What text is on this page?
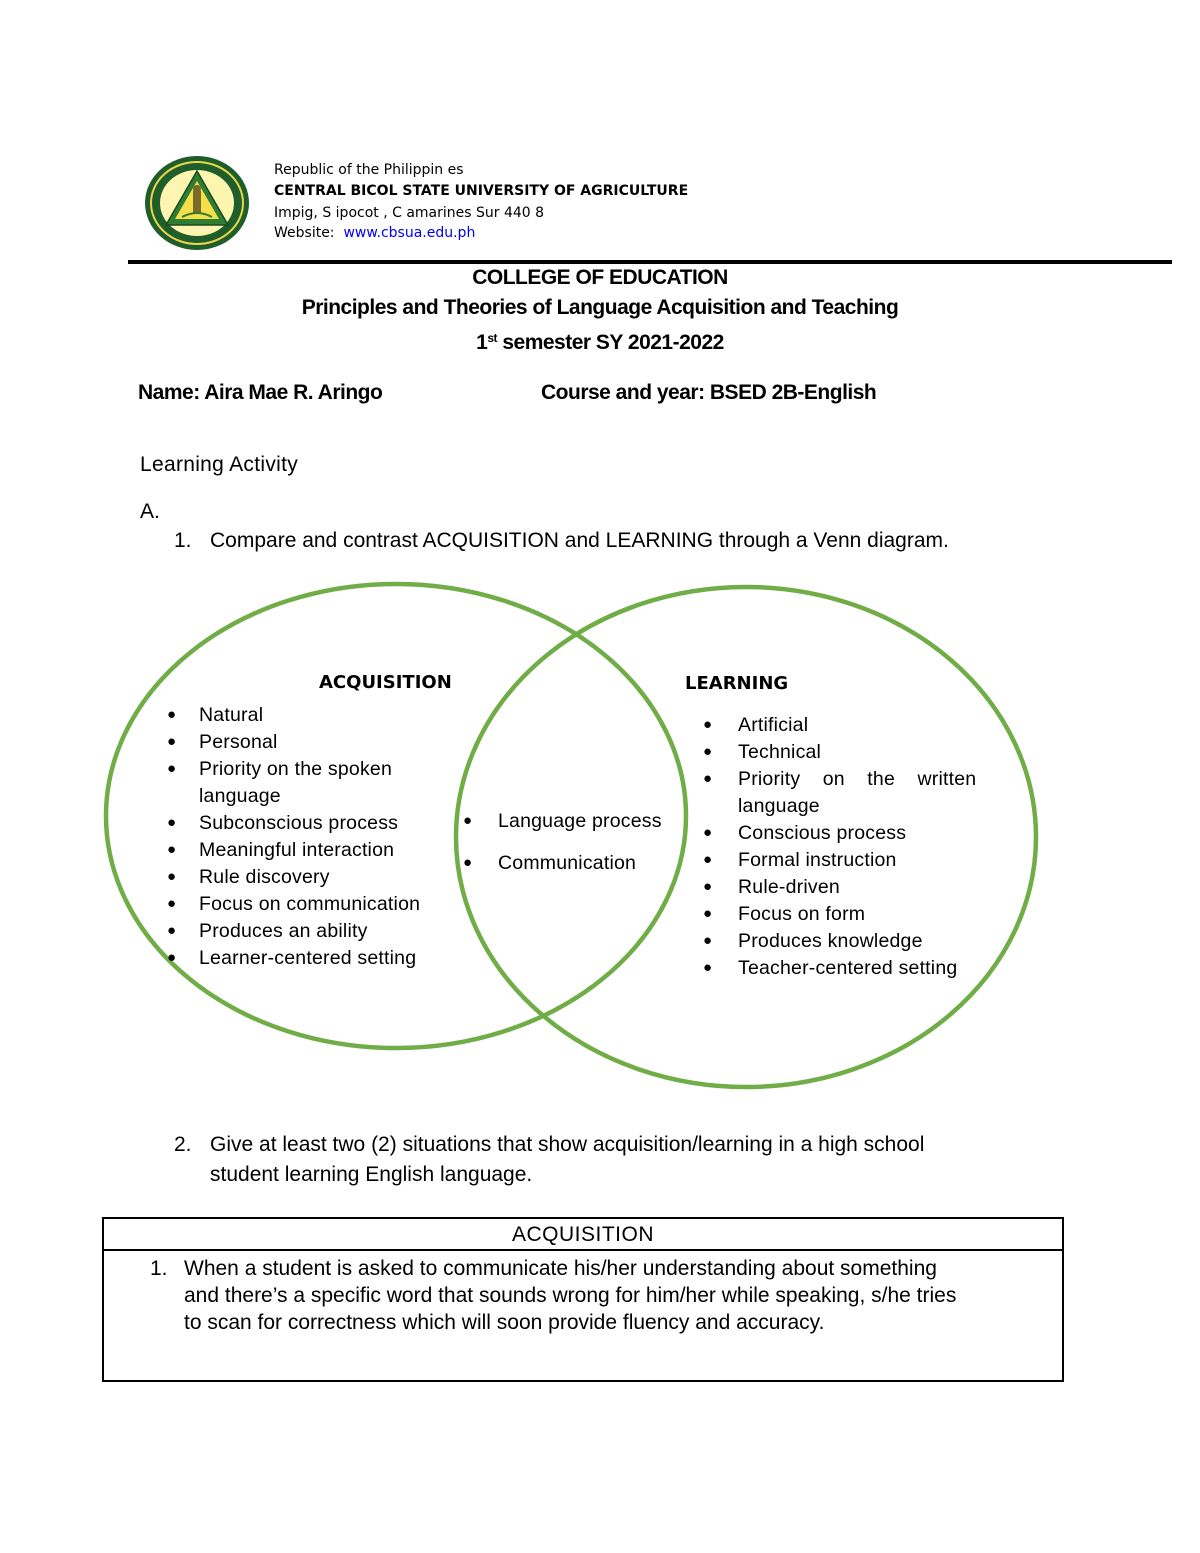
Republic of the Philippin es
CENTRAL BICOL STATE UNIVERSITY OF AGRICULTURE
Impig, S ipocot , C amarines Sur 440 8
Website: www.cbsua.edu.ph
COLLEGE OF EDUCATION
Principles and Theories of Language Acquisition and Teaching
1st semester SY 2021-2022
Name: Aira Mae R. Aringo	Course and year: BSED 2B-English
Learning Activity
A.
1. Compare and contrast ACQUISITION and LEARNING through a Venn diagram.
ACQUISITION
● Natural
● Personal
● Priority on the spoken
language
● Subconscious process
● Meaningful interaction
● Rule discovery
● Focus on communication
● Produces an ability
● Learner-centered setting
● Language process
● Communication
LEARNING
● Artificial
● Technical
● Priority    on    the    written
language
● Conscious process
● Formal instruction
● Rule-driven
● Focus on form
● Produces knowledge
● Teacher-centered setting
2. Give at least two (2) situations that show acquisition/learning in a high school
student learning English language.
ACQUISITION
1. When a student is asked to communicate his/her understanding about something
and there’s a specific word that sounds wrong for him/her while speaking, s/he tries
to scan for correctness which will soon provide fluency and accuracy.
